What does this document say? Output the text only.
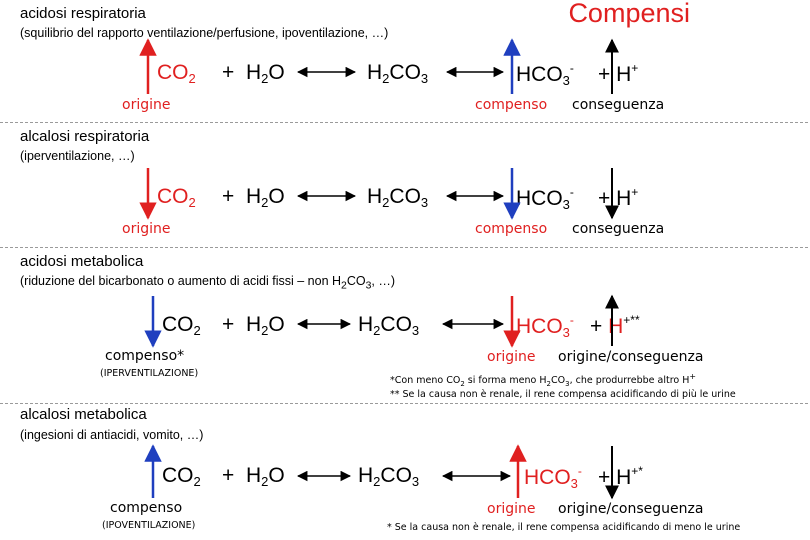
Compensi
acidosi respiratoria
(squilibrio del rapporto ventilazione/perfusione, ipoventilazione, …)
$CO_2 + H_2O$	$H_2CO_3$	$HCO_3^- + H^+$
origine	compenso conseguenza
alcalosi respiratoria
(iperventilazione, …)
$CO_2 + H_2O$	$H_2CO_3$	$HCO_3^- + H^+$
origine	compenso conseguenza
acidosi metabolica
(riduzione del bicarbonato o aumento di acidi fissi – non $H_2CO_3$, …)
$CO_2 + H_2O$	$H_2CO_3$	$HCO_3^- + H^{+**}$
compenso*
(IPERVENTILAZIONE)
origine origine/conseguenza
*Con meno $CO_2$ si forma meno $H_2CO_3$, che produrrebbe altro H+
** Se la causa non è renale, il rene compensa acidificando di più le urine
alcalosi metabolica
(ingesioni di antiacidi, vomito, …)
$CO_2 + H_2O$	$H_2CO_3$	$HCO_3^- + H^{+*}$
compenso
(IPOVENTILAZIONE)
origine origine/conseguenza
* Se la causa non è renale, il rene compensa acidificando di meno le urine
